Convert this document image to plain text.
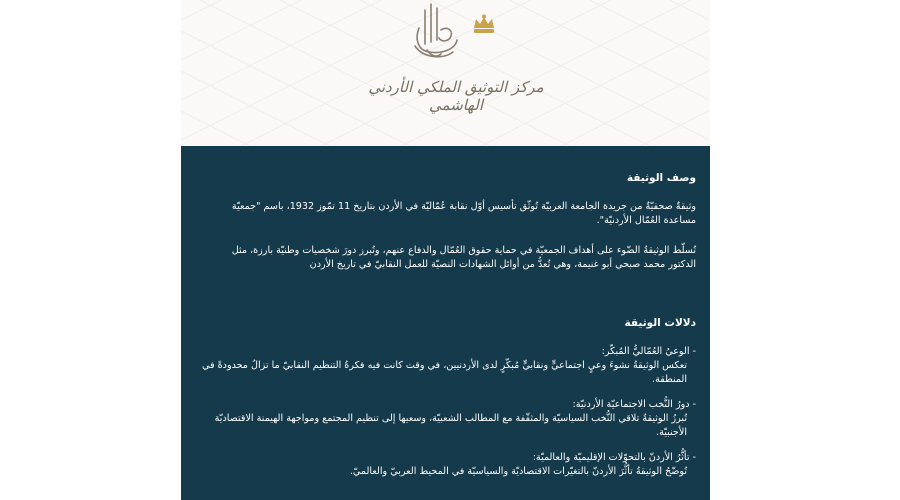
مركز التوثيق الملكي الأردني الهاشمي
وصف الوثيقة

وثيقةٌ صحفيّةٌ من جريدة الجامعة العربيّة تُوثّق تأسيس أوّل نقابة عُمّاليّة في الأردن بتاريخ 11 تمّوز 1932، باسم "جمعيّة مساعدة العُمّال الأردنيّة".

تُسلّط الوثيقةُ الضّوء على أهداف الجمعيّة في حماية حقوق العُمّال والدفاع عنهم، وتُبرز دورَ شخصيات وطنيّة بارزة، مثل الدكتور محمد صبحي أبو غنيمة، وهي تُعدُّ من أوائل الشهادات النصيّة للعمل النقابيّ في تاريخ الأردن

دلالات الوثيقة
- الوعيُ العُمّاليُّ المُبكّر:
تعكس الوثيقةُ نشوءَ وعيٍ اجتماعيٍّ ونقابيٍّ مُبكّرٍ لدى الأردنيين، في وقت كانت فيه فكرةُ التنظيم النقابيّ ما تزالُ محدودةً في المنطقة.
- دورُ النُّخب الاجتماعيّة الأردنيّة:
تُبرزُ الوثيقةُ تلاقي النُّخب السياسيّة والمثقّفة مع المطالب الشعبيّة، وسعيها إلى تنظيم المجتمع ومواجهة الهيمنة الاقتصاديّة الأجنبيّة.
- تأثُّرُ الأردنّ بالتحوّلات الإقليميّة والعالميّة:
تُوضّحُ الوثيقةُ تأثُّرَ الأردنّ بالتغيّرات الاقتصاديّة والسياسيّة في المحيط العربيّ والعالميّ.
